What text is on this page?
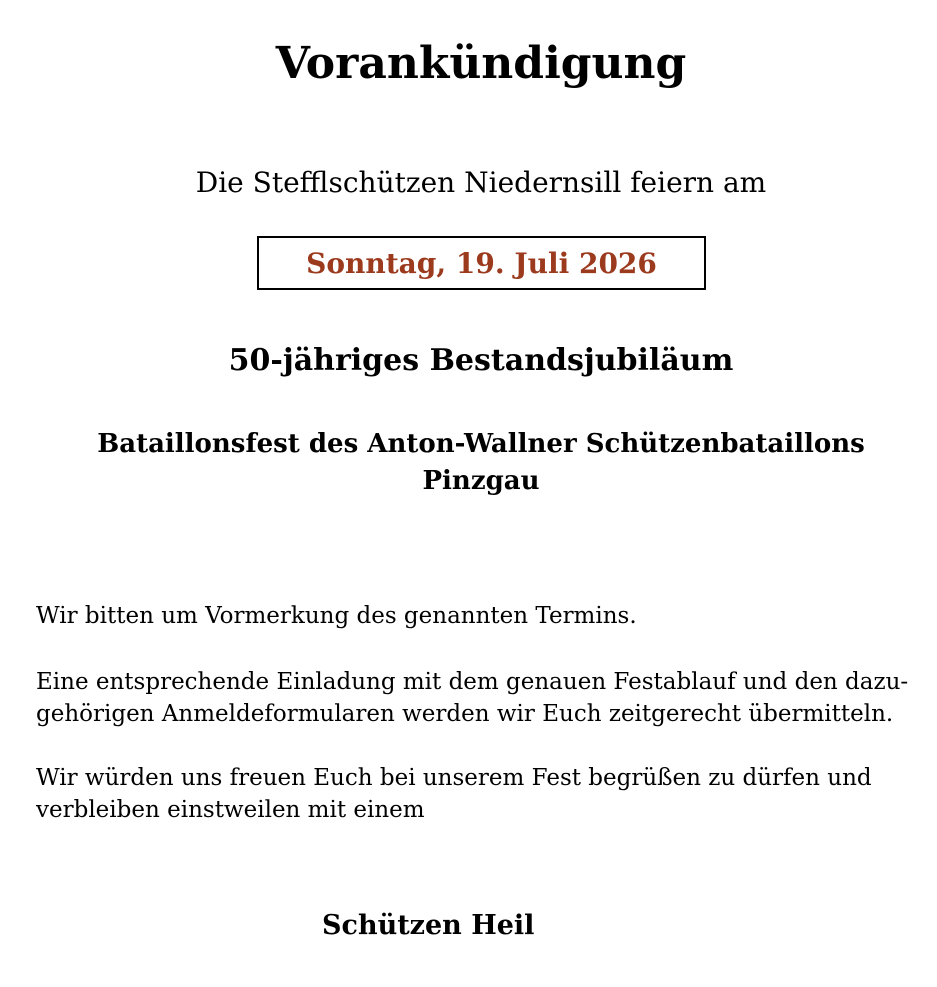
Vorankündigung

Die Stefflschützen Niedernsill feiern am

Sonntag, 19. Juli 2026
50-jähriges Bestandsjubiläum
Bataillonsfest des Anton-Wallner Schützenbataillons
Pinzgau

Wir bitten um Vormerkung des genannten Termins.

Eine entsprechende Einladung mit dem genauen Festablauf und den dazu-
gehörigen Anmeldeformularen werden wir Euch zeitgerecht übermitteln.

Wir würden uns freuen Euch bei unserem Fest begrüßen zu dürfen und
verbleiben einstweilen mit einem

Schützen Heil
